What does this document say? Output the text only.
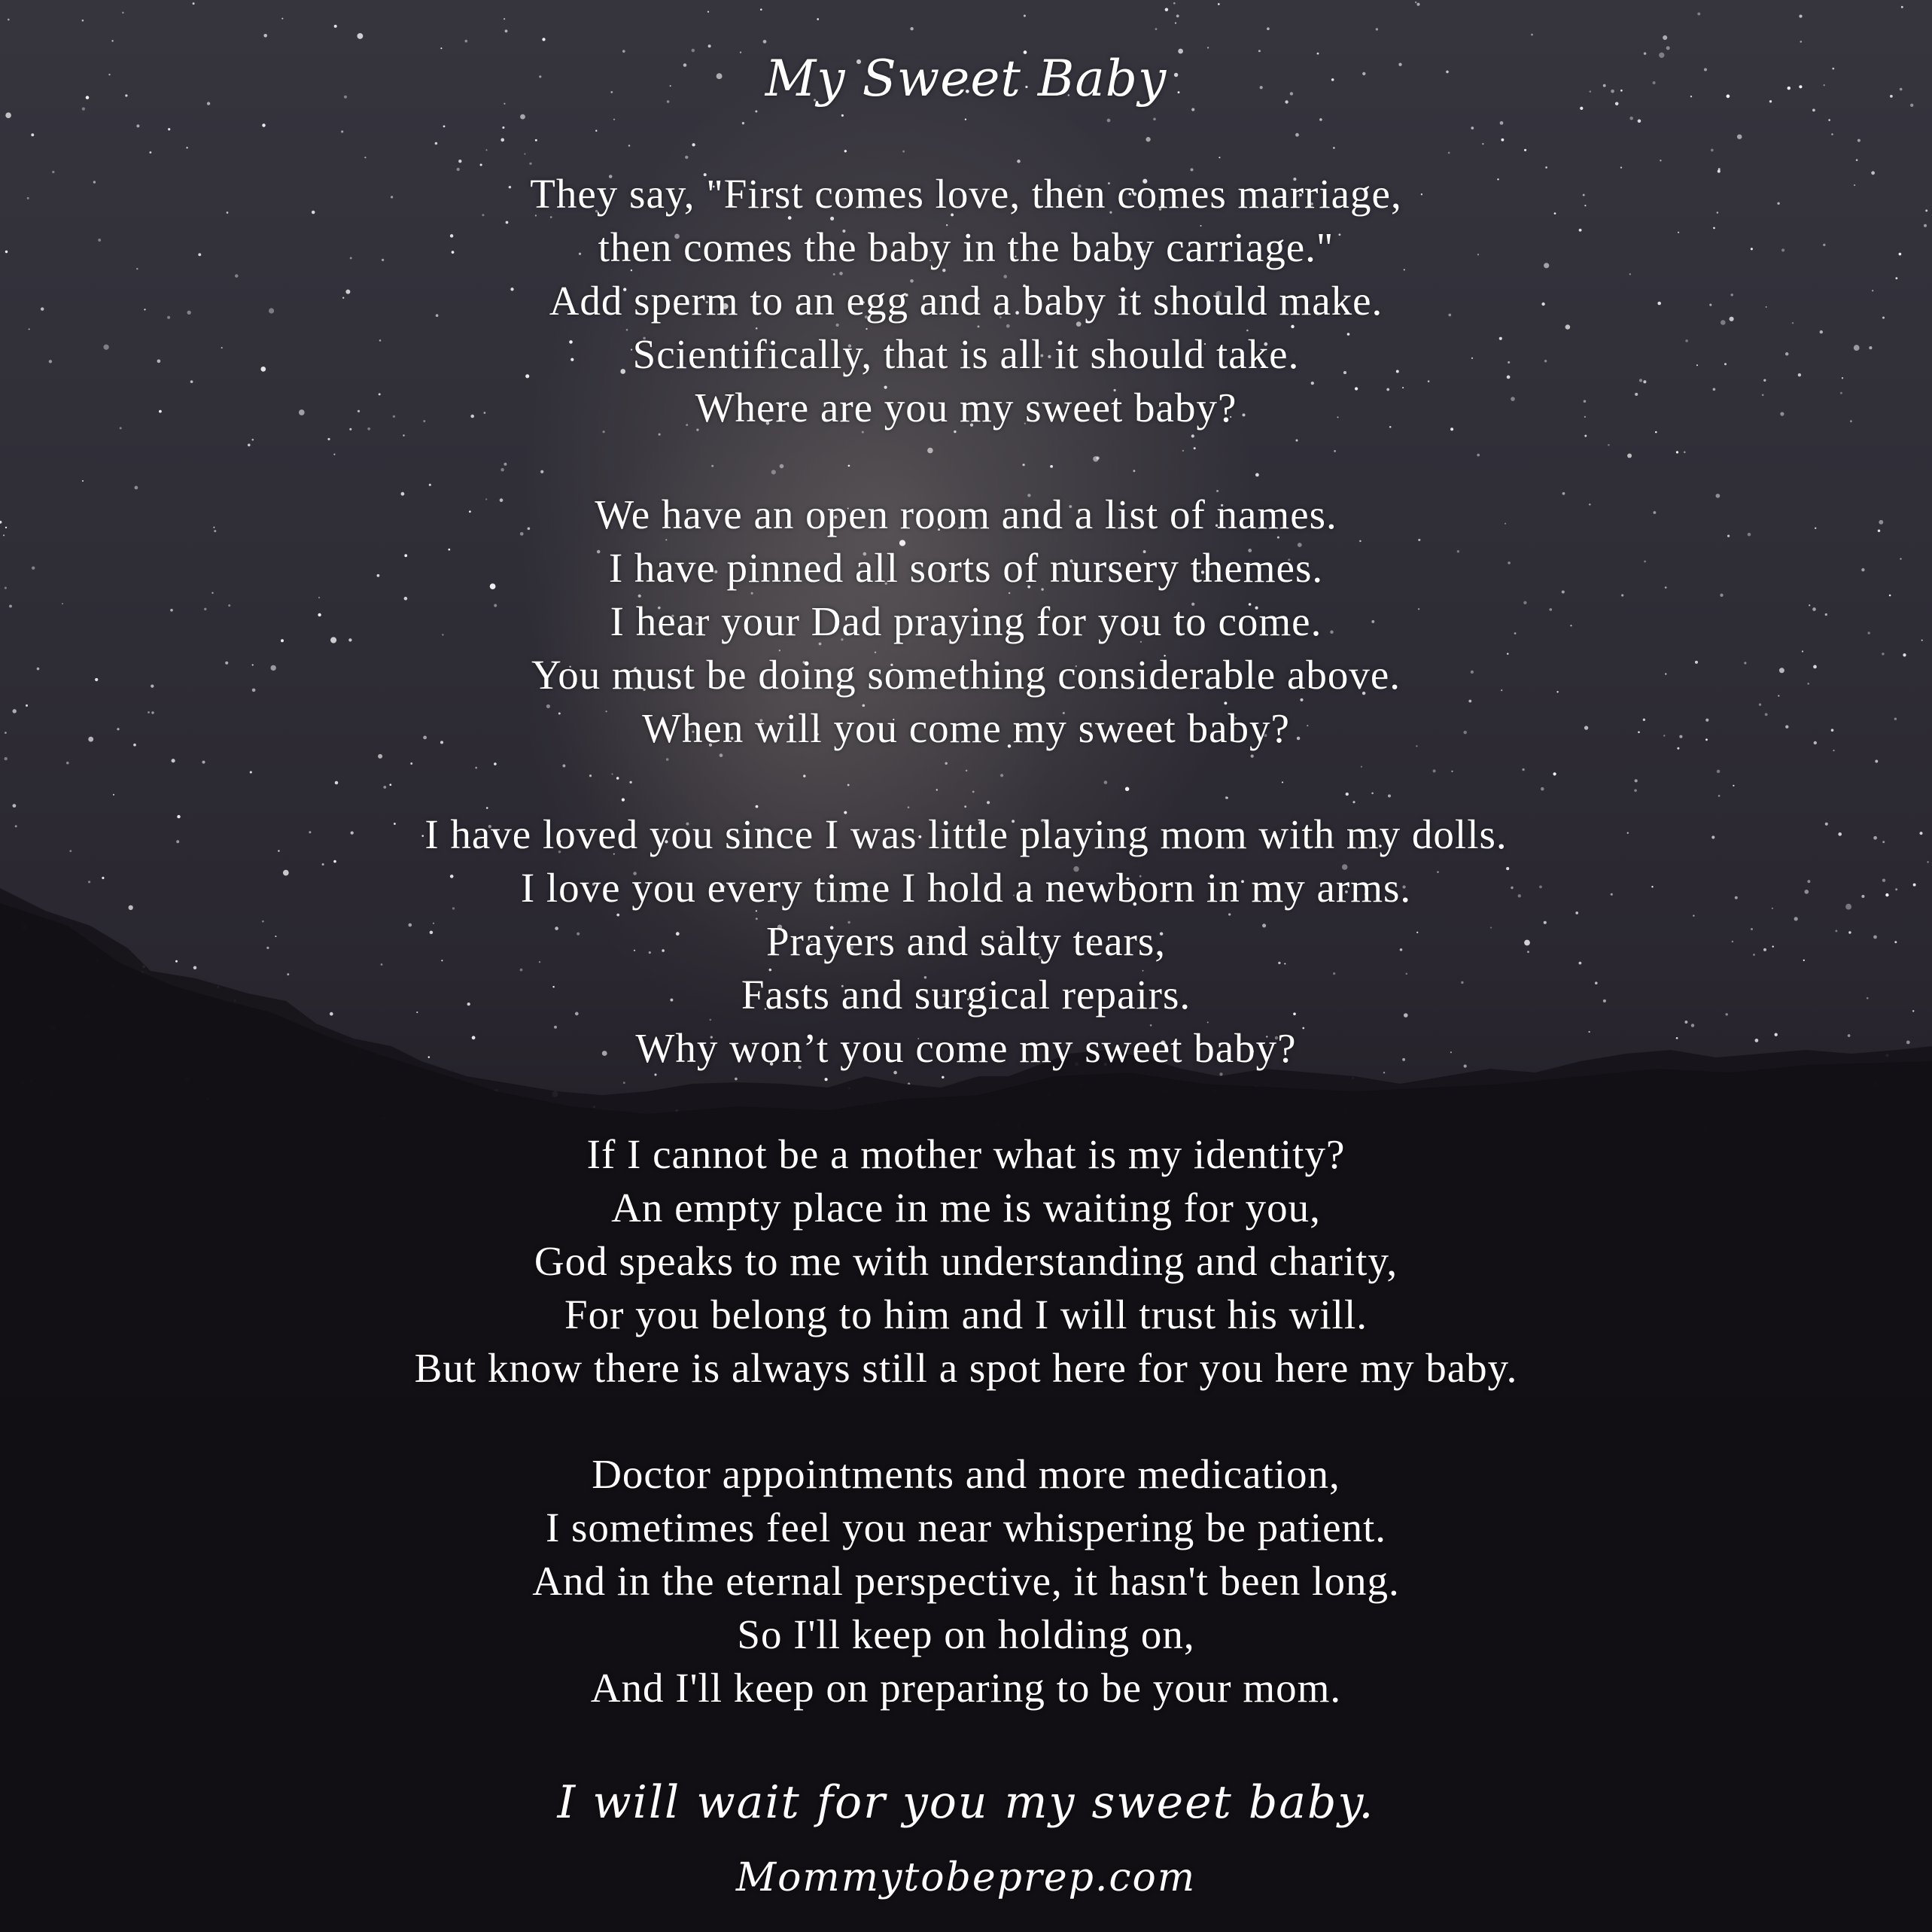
My Sweet Baby
They say, "First comes love, then comes marriage,
then comes the baby in the baby carriage."
Add sperm to an egg and a baby it should make.
Scientifically, that is all it should take.
Where are you my sweet baby?
We have an open room and a list of names.
I have pinned all sorts of nursery themes.
I hear your Dad praying for you to come.
You must be doing something considerable above.
When will you come my sweet baby?
I have loved you since I was little playing mom with my dolls.
I love you every time I hold a newborn in my arms.
Prayers and salty tears,
Fasts and surgical repairs.
Why won’t you come my sweet baby?
If I cannot be a mother what is my identity?
An empty place in me is waiting for you,
God speaks to me with understanding and charity,
For you belong to him and I will trust his will.
But know there is always still a spot here for you here my baby.
Doctor appointments and more medication,
I sometimes feel you near whispering be patient.
And in the eternal perspective, it hasn't been long.
So I'll keep on holding on,
And I'll keep on preparing to be your mom.
I will wait for you my sweet baby.
Mommytobeprep.com
